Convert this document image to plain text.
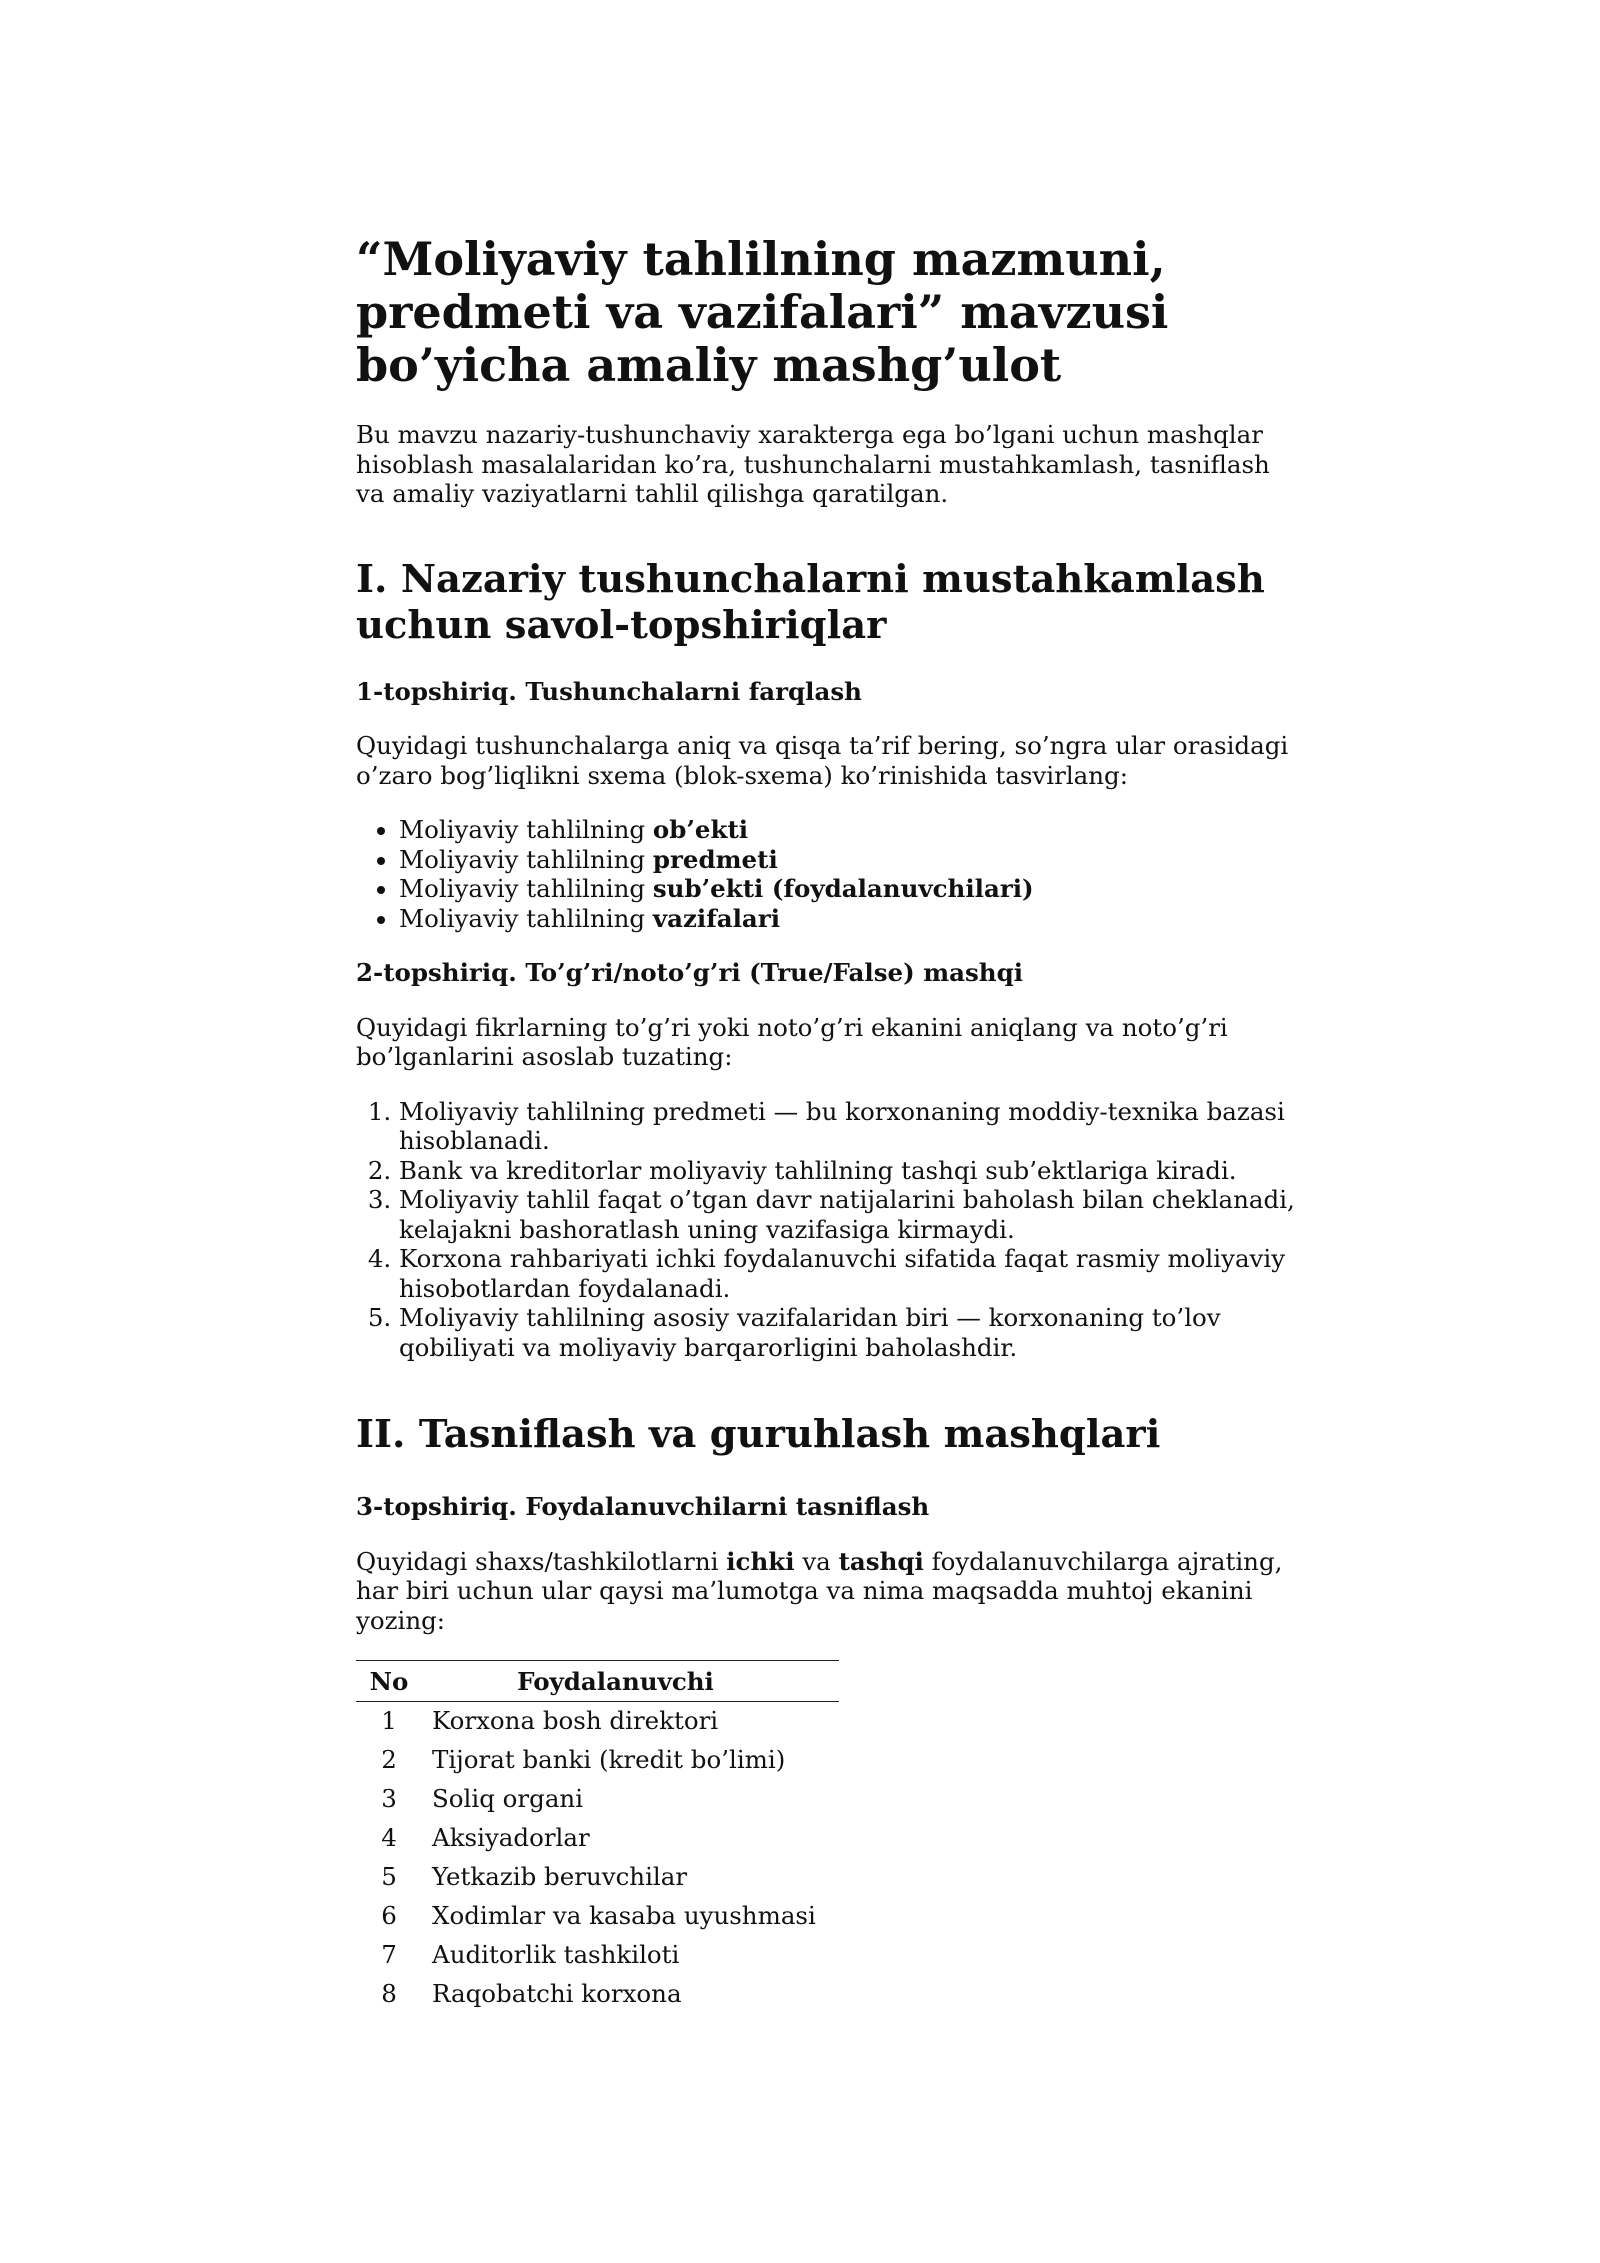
“Moliyaviy tahlilning mazmuni, predmeti va vazifalari” mavzusi bo’yicha amaliy mashg’ulot

Bu mavzu nazariy-tushunchaviy xarakterga ega bo’lgani uchun mashqlar hisoblash masalalaridan ko’ra, tushunchalarni mustahkamlash, tasniflash va amaliy vaziyatlarni tahlil qilishga qaratilgan.

I. Nazariy tushunchalarni mustahkamlash uchun savol-topshiriqlar
1-topshiriq. Tushunchalarni farqlash

Quyidagi tushunchalarga aniq va qisqa ta’rif bering, so’ngra ular orasidagi o’zaro bog’liqlikni sxema (blok-sxema) ko’rinishida tasvirlang:

• Moliyaviy tahlilning ob’ekti
• Moliyaviy tahlilning predmeti
• Moliyaviy tahlilning sub’ekti (foydalanuvchilari)
• Moliyaviy tahlilning vazifalari
2-topshiriq. To’g’ri/noto’g’ri (True/False) mashqi

Quyidagi fikrlarning to’g’ri yoki noto’g’ri ekanini aniqlang va noto’g’ri bo’lganlarini asoslab tuzating:

1. Moliyaviy tahlilning predmeti — bu korxonaning moddiy-texnika bazasi hisoblanadi.
2. Bank va kreditorlar moliyaviy tahlilning tashqi sub’ektlariga kiradi.
3. Moliyaviy tahlil faqat o’tgan davr natijalarini baholash bilan cheklanadi, kelajakni bashoratlash uning vazifasiga kirmaydi.
4. Korxona rahbariyati ichki foydalanuvchi sifatida faqat rasmiy moliyaviy hisobotlardan foydalanadi.
5. Moliyaviy tahlilning asosiy vazifalaridan biri — korxonaning to’lov qobiliyati va moliyaviy barqarorligini baholashdir.
II. Tasniflash va guruhlash mashqlari
3-topshiriq. Foydalanuvchilarni tasniflash

Quyidagi shaxs/tashkilotlarni ichki va tashqi foydalanuvchilarga ajrating, har biri uchun ular qaysi ma’lumotga va nima maqsadda muhtoj ekanini yozing:

No	Foydalanuvchi
1	Korxona bosh direktori
2	Tijorat banki (kredit bo’limi)
3	Soliq organi
4	Aksiyadorlar
5	Yetkazib beruvchilar
6	Xodimlar va kasaba uyushmasi
7	Auditorlik tashkiloti
8	Raqobatchi korxona
